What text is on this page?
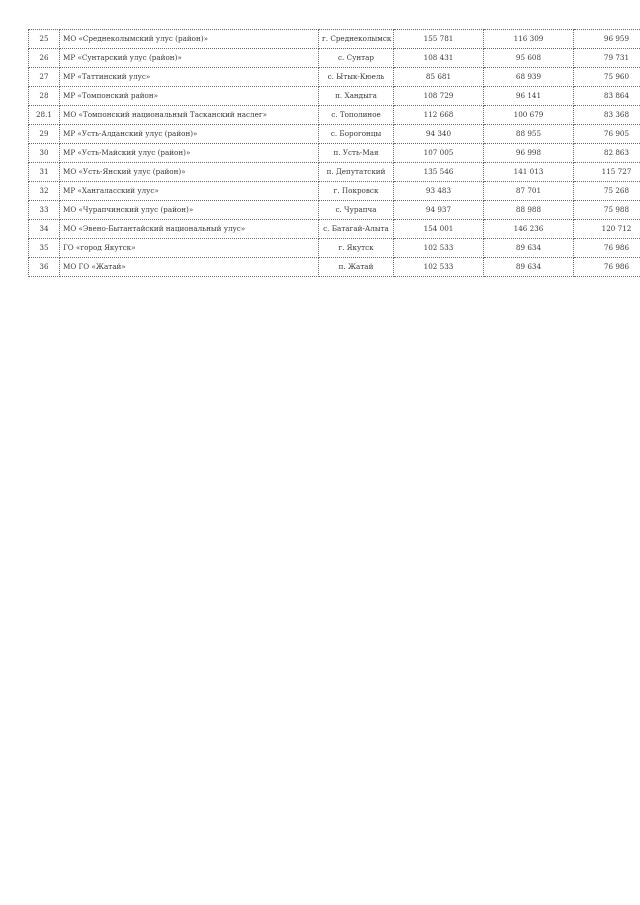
25	МО «Среднеколымский улус (район)»	г. Среднеколымск	155 781	116 309	96 959
26	МР «Сунтарский улус (район)»	с. Сунтар	108 431	95 608	79 731
27	МР «Таттинский улус»	с. Ытык-Кюель	85 681	68 939	75 960
28	МР «Томпонский район»	п. Хандыга	108 729	96 141	83 864
28.1	МО «Томпонский национальный Тасканский наслег»	с. Тополиное	112 668	100 679	83 368
29	МР «Усть-Алданский улус (район)»	с. Борогонцы	94 340	88 955	76 905
30	МР «Усть-Майский улус (район)»	п. Усть-Мая	107 005	96 998	82 863
31	МО «Усть-Янский улус (район)»	п. Депутатский	135 546	141 013	115 727
32	МР «Хангаласский улус»	г. Покровск	93 483	87 701	75 268
33	МО «Чурапчинский улус (район)»	с. Чурапча	94 937	88 988	75 988
34	МО «Эвено-Бытантайский национальный улус»	с. Батагай-Алыта	154 001	146 236	120 712
35	ГО «город Якутск»	г. Якутск	102 533	89 634	76 986
36	МО ГО «Жатай»	п. Жатай	102 533	89 634	76 986
